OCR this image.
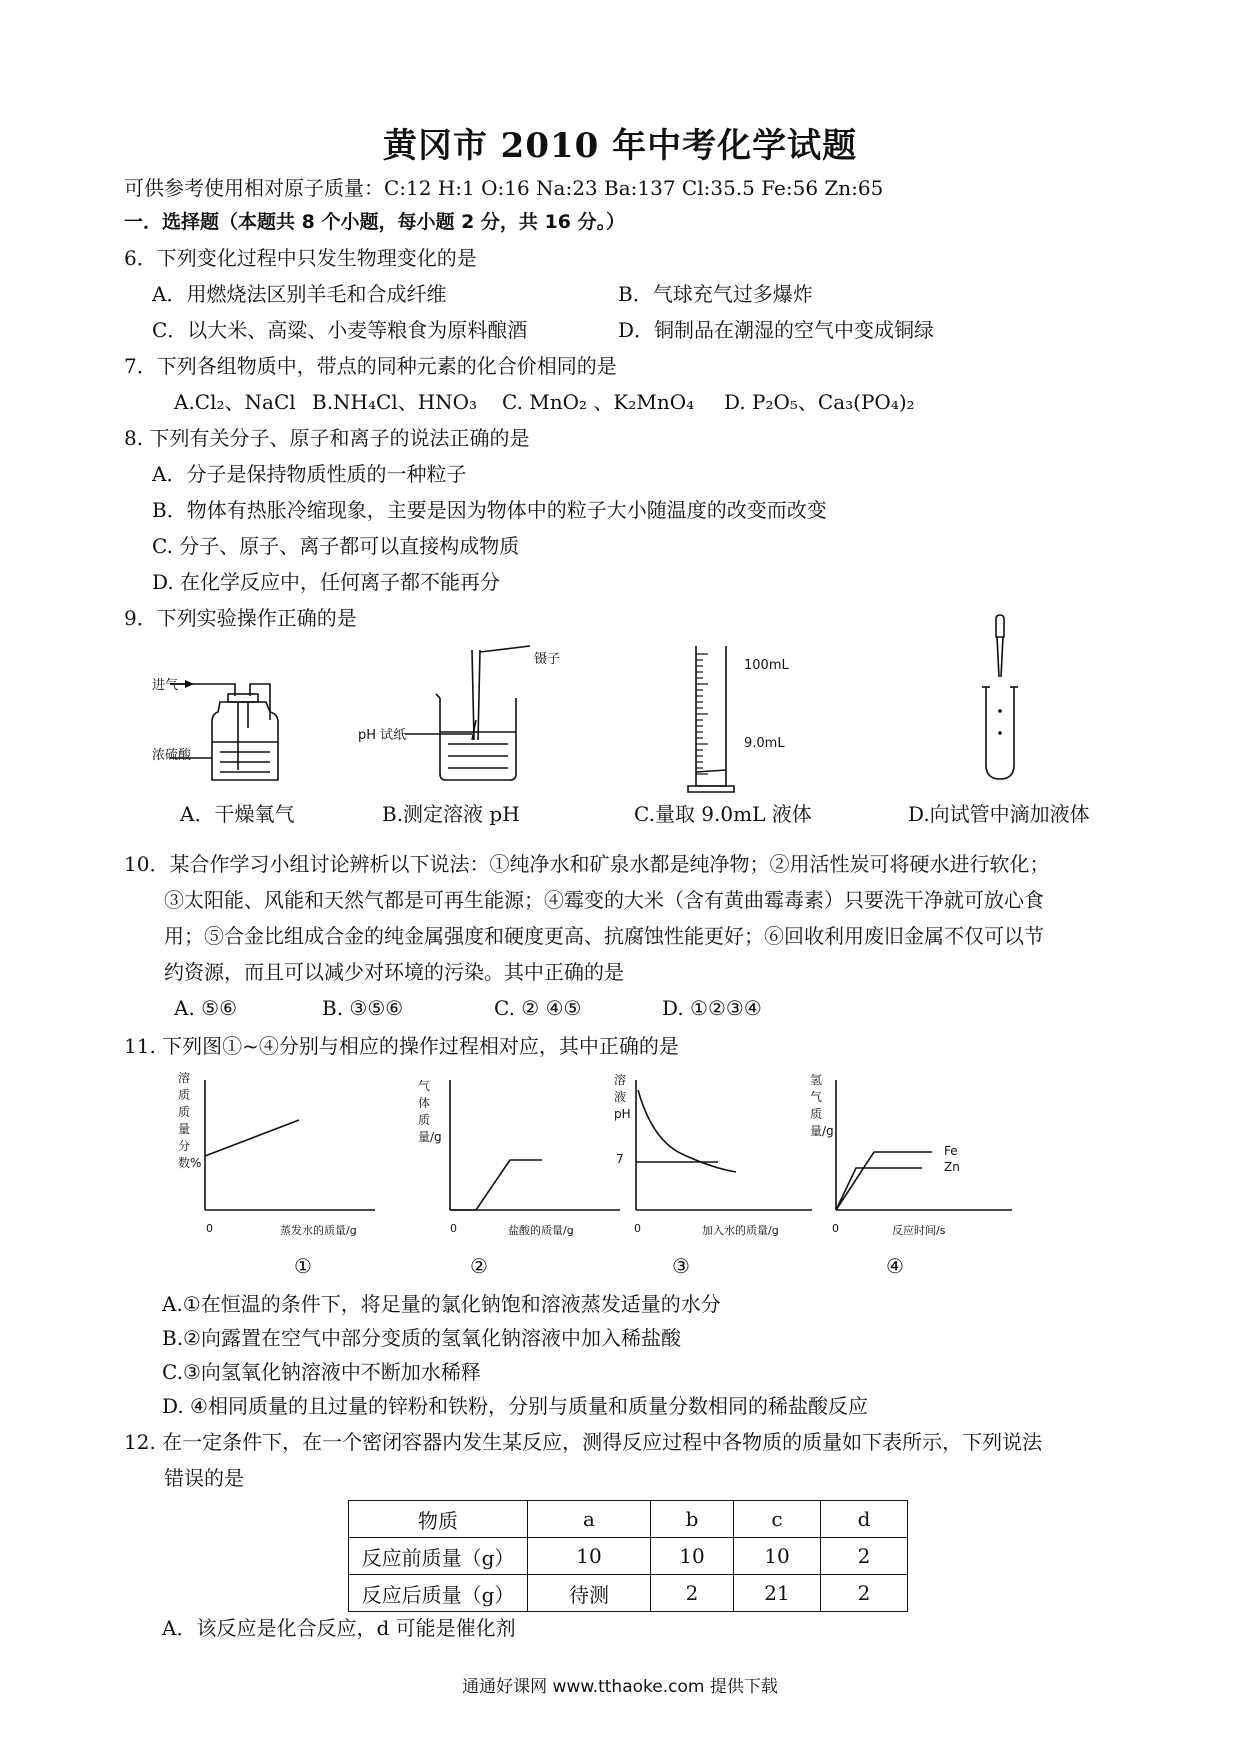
黄冈市 2010 年中考化学试题
可供参考使用相对原子质量：C:12 H:1 O:16 Na:23 Ba:137 Cl:35.5 Fe:56 Zn:65
一．选择题（本题共 8 个小题，每小题 2 分，共 16 分。）
6．下列变化过程中只发生物理变化的是
A．用燃烧法区别羊毛和合成纤维	B．气球充气过多爆炸
C．以大米、高粱、小麦等粮食为原料酿酒	D．铜制品在潮湿的空气中变成铜绿
7．下列各组物质中，带点的同种元素的化合价相同的是
A.Cl₂、NaCl B.NH₄Cl、HNO₃ C. MnO₂ 、K₂MnO₄ D. P₂O₅、Ca₃(PO₄)₂
8. 下列有关分子、原子和离子的说法正确的是
A．分子是保持物质性质的一种粒子
B．物体有热胀冷缩现象，主要是因为物体中的粒子大小随温度的改变而改变
C. 分子、原子、离子都可以直接构成物质
D. 在化学反应中，任何离子都不能再分
9．下列实验操作正确的是
进气
浓硫酸
镊子
pH 试纸
100mL
9.0mL
A．干燥氧气	B.测定溶液 pH	C.量取 9.0mL 液体	D.向试管中滴加液体
10．某合作学习小组讨论辨析以下说法：①纯净水和矿泉水都是纯净物；②用活性炭可将硬水进行软化；
③太阳能、风能和天然气都是可再生能源；④霉变的大米（含有黄曲霉毒素）只要洗干净就可放心食
用；⑤合金比组成合金的纯金属强度和硬度更高、抗腐蚀性能更好；⑥回收利用废旧金属不仅可以节
约资源，而且可以减少对环境的污染。其中正确的是
A. ⑤⑥	B. ③⑤⑥	C. ② ④⑤	D. ①②③④
11. 下列图①~④分别与相应的操作过程相对应，其中正确的是
溶质质量分数%
0	蒸发水的质量/g
①
气体质量/g
0	盐酸的质量/g
②
溶液pH
7
0	加入水的质量/g
③
氢气质量/g
Fe
Zn
0	反应时间/s
④
A.①在恒温的条件下，将足量的氯化钠饱和溶液蒸发适量的水分
B.②向露置在空气中部分变质的氢氧化钠溶液中加入稀盐酸
C.③向氢氧化钠溶液中不断加水稀释
D. ④相同质量的且过量的锌粉和铁粉，分别与质量和质量分数相同的稀盐酸反应
12. 在一定条件下，在一个密闭容器内发生某反应，测得反应过程中各物质的质量如下表所示，下列说法
错误的是
物质	a	b	c	d
反应前质量（g）	10	10	10	2
反应后质量（g）	待测	2	21	2
A．该反应是化合反应，d 可能是催化剂
通通好课网 www.tthaoke.com 提供下载
